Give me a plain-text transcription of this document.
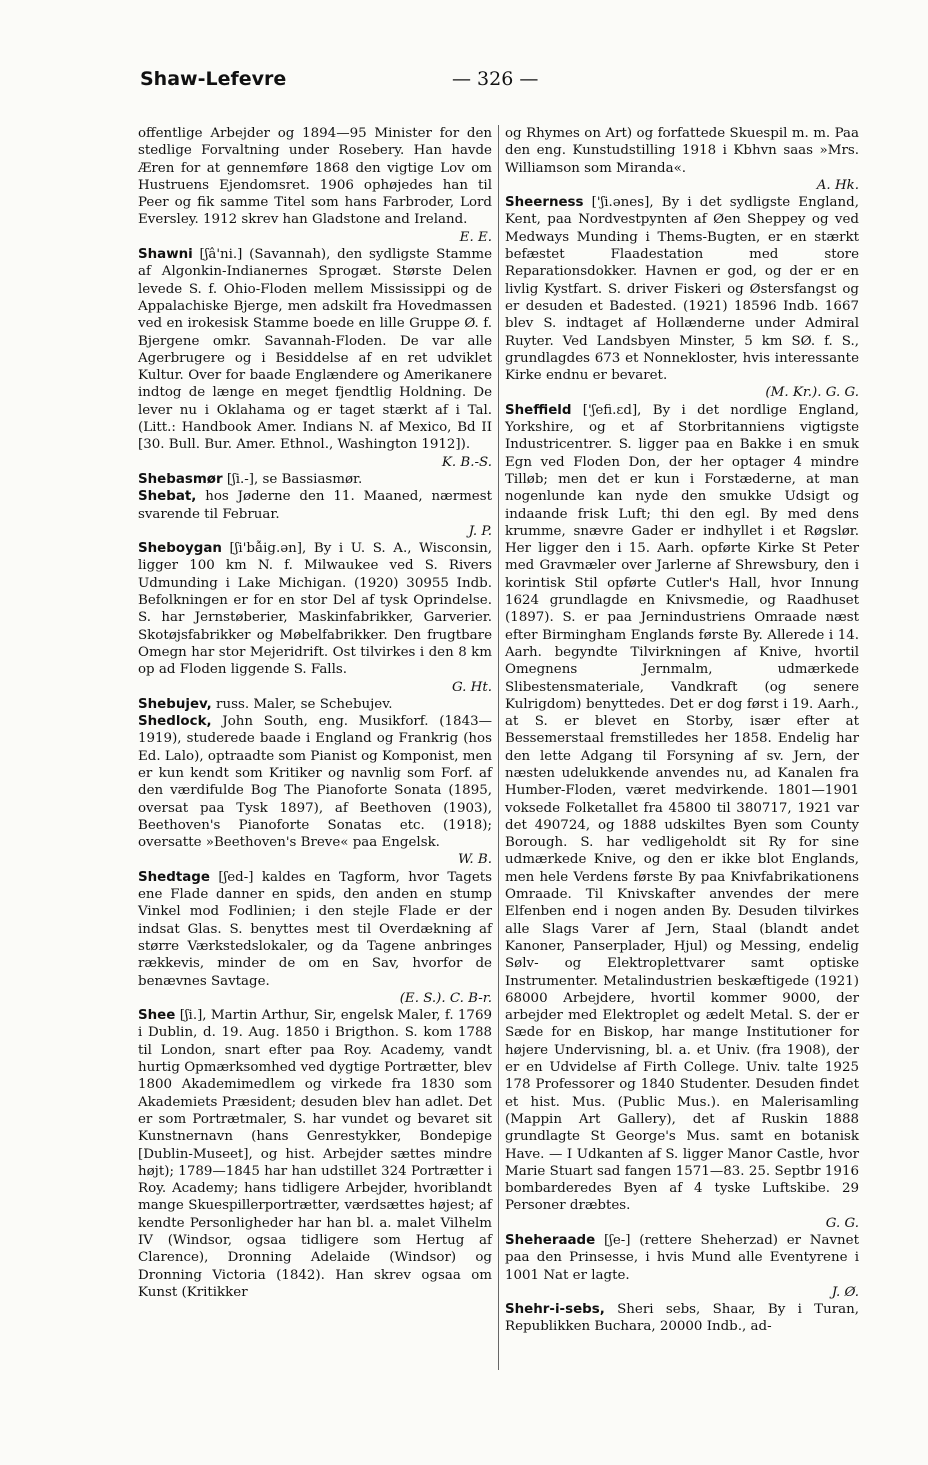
Shaw-Lefevre	— 326 —

offentlige Arbejder og 1894—95 Minister for den stedlige Forvaltning under Rosebery. Han havde Æren for at gennemføre 1868 den vigtige Lov om Hustruens Ejendomsret. 1906 ophøjedes han til Peer og fik samme Titel som hans Farbroder, Lord Eversley. 1912 skrev han Gladstone and Ireland.
E. E.

Shawni [ʃâ'ni.] (Savannah), den sydligste Stamme af Algonkin-Indianernes Sprogæt. Største Delen levede S. f. Ohio-Floden mellem Mississippi og de Appalachiske Bjerge, men adskilt fra Hovedmassen ved en irokesisk Stamme boede en lille Gruppe Ø. f. Bjergene omkr. Savannah-Floden. De var alle Agerbrugere og i Besiddelse af en ret udviklet Kultur. Over for baade Englændere og Amerikanere indtog de længe en meget fjendtlig Holdning. De lever nu i Oklahama og er taget stærkt af i Tal. (Litt.: Handbook Amer. Indians N. af Mexico, Bd II [30. Bull. Bur. Amer. Ethnol., Washington 1912]).
K. B.-S.

Shebasmør [ʃi.-], se Bassiasmør.

Shebat, hos Jøderne den 11. Maaned, nærmest svarende til Februar.
J. P.

Sheboygan [ʃi'bẫig.ən], By i U. S. A., Wisconsin, ligger 100 km N. f. Milwaukee ved S. Rivers Udmunding i Lake Michigan. (1920) 30955 Indb. Befolkningen er for en stor Del af tysk Oprindelse. S. har Jernstøberier, Maskinfabrikker, Garverier. Skotøjsfabrikker og Møbelfabrikker. Den frugtbare Omegn har stor Mejeridrift. Ost tilvirkes i den 8 km op ad Floden liggende S. Falls.
G. Ht.

Shebujev, russ. Maler, se Schebujev.

Shedlock, John South, eng. Musikforf. (1843—1919), studerede baade i England og Frankrig (hos Ed. Lalo), optraadte som Pianist og Komponist, men er kun kendt som Kritiker og navnlig som Forf. af den værdifulde Bog The Pianoforte Sonata (1895, oversat paa Tysk 1897), af Beethoven (1903), Beethoven's Pianoforte Sonatas etc. (1918); oversatte »Beethoven's Breve« paa Engelsk.
W. B.

Shedtage [ʃed-] kaldes en Tagform, hvor Tagets ene Flade danner en spids, den anden en stump Vinkel mod Fodlinien; i den stejle Flade er der indsat Glas. S. benyttes mest til Overdækning af større Værkstedslokaler, og da Tagene anbringes rækkevis, minder de om en Sav, hvorfor de benævnes Savtage.
(E. S.). C. B-r.

Shee [ʃi.], Martin Arthur, Sir, engelsk Maler, f. 1769 i Dublin, d. 19. Aug. 1850 i Brigthon. S. kom 1788 til London, snart efter paa Roy. Academy, vandt hurtig Opmærksomhed ved dygtige Portrætter, blev 1800 Akademimedlem og virkede fra 1830 som Akademiets Præsident; desuden blev han adlet. Det er som Portrætmaler, S. har vundet og bevaret sit Kunstnernavn (hans Genrestykker, Bondepige [Dublin-Museet], og hist. Arbejder sættes mindre højt); 1789—1845 har han udstillet 324 Portrætter i Roy. Academy; hans tidligere Arbejder, hvoriblandt mange Skuespillerportrætter, værdsættes højest; af kendte Personligheder har han bl. a. malet Vilhelm IV (Windsor, ogsaa tidligere som Hertug af Clarence), Dronning Adelaide (Windsor) og Dronning Victoria (1842). Han skrev ogsaa om Kunst (Kritikker

og Rhymes on Art) og forfattede Skuespil m. m. Paa den eng. Kunstudstilling 1918 i Kbhvn saas »Mrs. Williamson som Miranda«.
A. Hk.

Sheerness ['ʃi.ənes], By i det sydligste England, Kent, paa Nordvestpynten af Øen Sheppey og ved Medways Munding i Thems-Bugten, er en stærkt befæstet Flaadestation med store Reparationsdokker. Havnen er god, og der er en livlig Kystfart. S. driver Fiskeri og Østersfangst og er desuden et Badested. (1921) 18596 Indb. 1667 blev S. indtaget af Hollænderne under Admiral Ruyter. Ved Landsbyen Minster, 5 km SØ. f. S., grundlagdes 673 et Nonnekloster, hvis interessante Kirke endnu er bevaret.
(M. Kr.). G. G.

Sheffield ['ʃefi.ɛd], By i det nordlige England, Yorkshire, og et af Storbritanniens vigtigste Industricentrer. S. ligger paa en Bakke i en smuk Egn ved Floden Don, der her optager 4 mindre Tilløb; men det er kun i Forstæderne, at man nogenlunde kan nyde den smukke Udsigt og indaande frisk Luft; thi den egl. By med dens krumme, snævre Gader er indhyllet i et Røgslør. Her ligger den i 15. Aarh. opførte Kirke St Peter med Gravmæler over Jarlerne af Shrewsbury, den i korintisk Stil opførte Cutler's Hall, hvor Innung 1624 grundlagde en Knivsmedie, og Raadhuset (1897). S. er paa Jernindustriens Omraade næst efter Birmingham Englands første By. Allerede i 14. Aarh. begyndte Tilvirkningen af Knive, hvortil Omegnens Jernmalm, udmærkede Slibestensmateriale, Vandkraft (og senere Kulrigdom) benyttedes. Det er dog først i 19. Aarh., at S. er blevet en Storby, især efter at Bessemerstaal fremstilledes her 1858. Endelig har den lette Adgang til Forsyning af sv. Jern, der næsten udelukkende anvendes nu, ad Kanalen fra Humber-Floden, været medvirkende. 1801—1901 voksede Folketallet fra 45800 til 380717, 1921 var det 490724, og 1888 udskiltes Byen som County Borough. S. har vedligeholdt sit Ry for sine udmærkede Knive, og den er ikke blot Englands, men hele Verdens første By paa Knivfabrikationens Omraade. Til Knivskafter anvendes der mere Elfenben end i nogen anden By. Desuden tilvirkes alle Slags Varer af Jern, Staal (blandt andet Kanoner, Panserplader, Hjul) og Messing, endelig Sølv- og Elektroplettvarer samt optiske Instrumenter. Metalindustrien beskæftigede (1921) 68000 Arbejdere, hvortil kommer 9000, der arbejder med Elektroplet og ædelt Metal. S. der er Sæde for en Biskop, har mange Institutioner for højere Undervisning, bl. a. et Univ. (fra 1908), der er en Udvidelse af Firth College. Univ. talte 1925 178 Professorer og 1840 Studenter. Desuden findet et hist. Mus. (Public Mus.). en Malerisamling (Mappin Art Gallery), det af Ruskin 1888 grundlagte St George's Mus. samt en botanisk Have. — I Udkanten af S. ligger Manor Castle, hvor Marie Stuart sad fangen 1571—83. 25. Septbr 1916 bombarderedes Byen af 4 tyske Luftskibe. 29 Personer dræbtes.
G. G.

Sheheraade [ʃe-] (rettere Sheherzad) er Navnet paa den Prinsesse, i hvis Mund alle Eventyrene i 1001 Nat er lagte.
J. Ø.

Shehr-i-sebs, Sheri sebs, Shaar, By i Turan, Republikken Buchara, 20000 Indb., ad-
